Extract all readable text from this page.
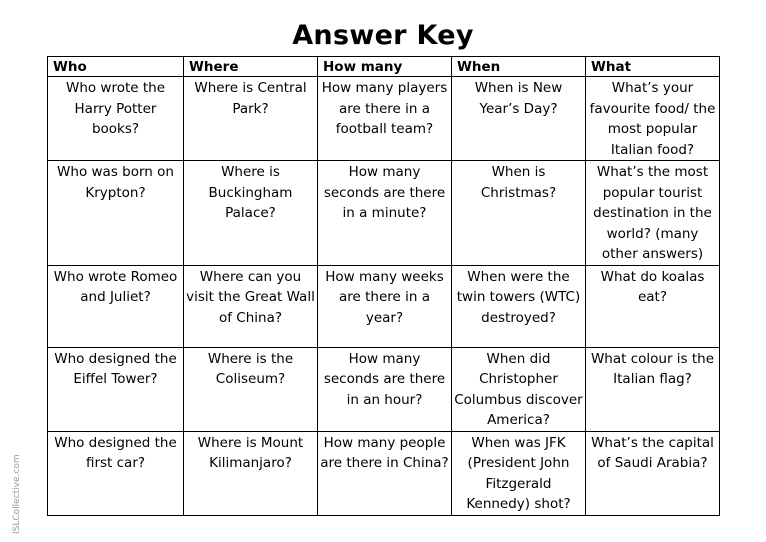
Answer Key
Who	Where	How many	When	What
Who wrote the Harry Potter books?	Where is Central Park?	How many players are there in a football team?	When is New Year’s Day?	What’s your favourite food/ the most popular Italian food?
Who was born on Krypton?	Where is Buckingham Palace?	How many seconds are there in a minute?	When is Christmas?	What’s the most popular tourist destination in the world? (many other answers)
Who wrote Romeo and Juliet?	Where can you visit the Great Wall of China?	How many weeks are there in a year?	When were the twin towers (WTC) destroyed?	What do koalas eat?
Who designed the Eiffel Tower?	Where is the Coliseum?	How many seconds are there in an hour?	When did Christopher Columbus discover America?	What colour is the Italian flag?
Who designed the first car?	Where is Mount Kilimanjaro?	How many people are there in China?	When was JFK (President John Fitzgerald Kennedy) shot?	What’s the capital of Saudi Arabia?
ISLCollective.com
